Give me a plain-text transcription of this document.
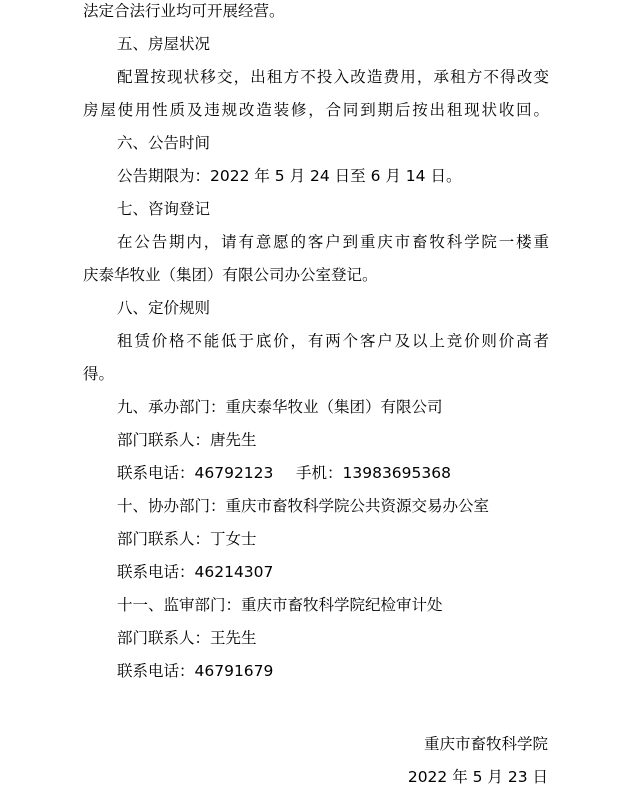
法定合法行业均可开展经营。
五、房屋状况
配置按现状移交，出租方不投入改造费用，承租方不得改变
房屋使用性质及违规改造装修，合同到期后按出租现状收回。
六、公告时间
公告期限为：2022 年 5 月 24 日至 6 月 14 日。
七、咨询登记
在公告期内，请有意愿的客户到重庆市畜牧科学院一楼重
庆泰华牧业（集团）有限公司办公室登记。
八、定价规则
租赁价格不能低于底价，有两个客户及以上竞价则价高者
得。
九、承办部门：重庆泰华牧业（集团）有限公司
部门联系人：唐先生
联系电话：46792123 手机：13983695368
十、协办部门：重庆市畜牧科学院公共资源交易办公室
部门联系人：丁女士
联系电话：46214307
十一、监审部门：重庆市畜牧科学院纪检审计处
部门联系人：王先生
联系电话：46791679
重庆市畜牧科学院
2022 年 5 月 23 日
